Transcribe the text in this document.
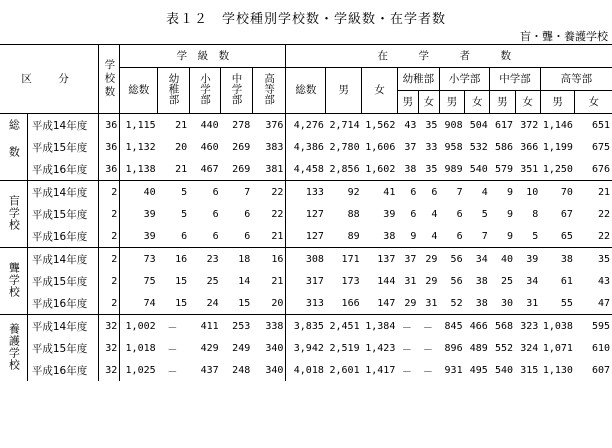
表１２　学校種別学校数・学級数・在学者数
盲・聾・養護学校
区　分		学校数	学　級　数					在　学　者　数										
			総数	幼稚部	小学部	中学部	高等部	総数	男	女	幼稚部		小学部		中学部		高等部	
											男	女	男	女	男	女	男	女
総数	平成14年度	36	1,115	21	440	278	376	4,276	2,714	1,562	43	35	908	504	617	372	1,146	651
	平成15年度	36	1,132	20	460	269	383	4,386	2,780	1,606	37	33	958	532	586	366	1,199	675
	平成16年度	36	1,138	21	467	269	381	4,458	2,856	1,602	38	35	989	540	579	351	1,250	676
盲学校	平成14年度	2	40	5	6	7	22	133	92	41	6	6	7	4	9	10	70	21
	平成15年度	2	39	5	6	6	22	127	88	39	6	4	6	5	9	8	67	22
	平成16年度	2	39	6	6	6	21	127	89	38	9	4	6	7	9	5	65	22
聾学校	平成14年度	2	73	16	23	18	16	308	171	137	37	29	56	34	40	39	38	35
	平成15年度	2	75	15	25	14	21	317	173	144	31	29	56	38	25	34	61	43
	平成16年度	2	74	15	24	15	20	313	166	147	29	31	52	38	30	31	55	47
養護学校	平成14年度	32	1,002	－	411	253	338	3,835	2,451	1,384	－	－	845	466	568	323	1,038	595
	平成15年度	32	1,018	－	429	249	340	3,942	2,519	1,423	－	－	896	489	552	324	1,071	610
	平成16年度	32	1,025	－	437	248	340	4,018	2,601	1,417	－	－	931	495	540	315	1,130	607
